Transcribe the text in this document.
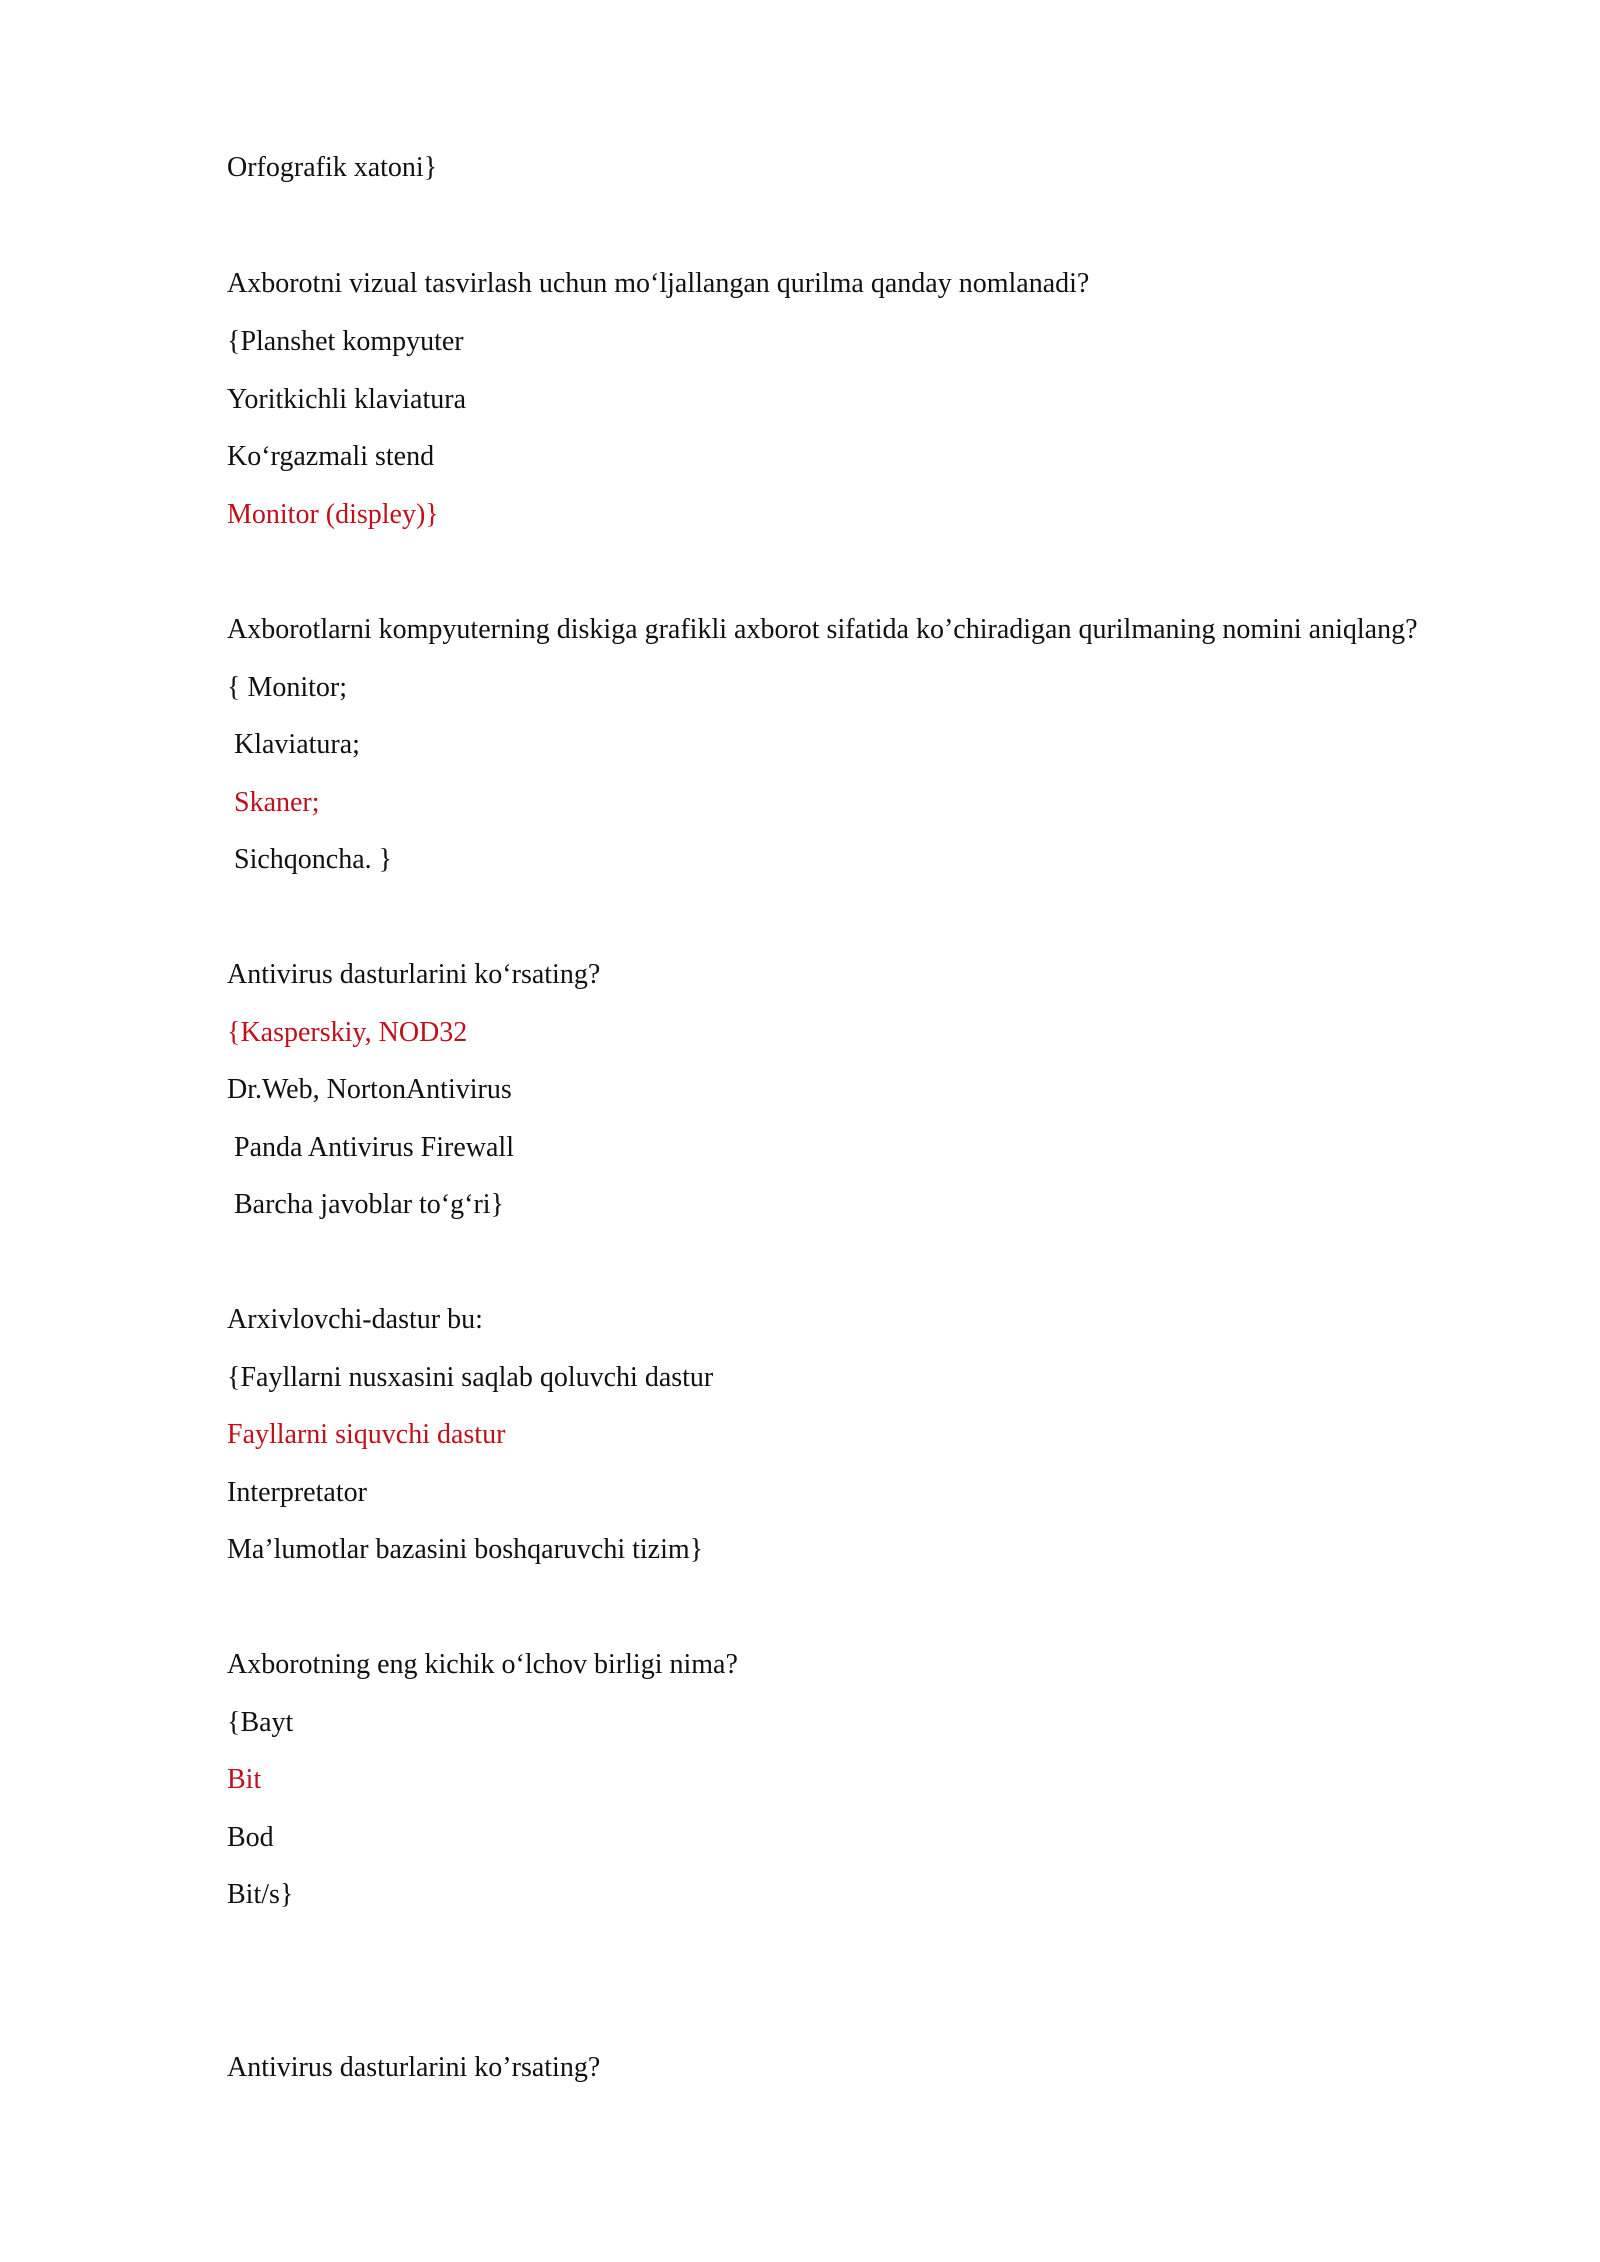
Orfografik xatoni}
Axborotni vizual tasvirlash uchun mo‘ljallangan qurilma qanday nomlanadi?
{Planshet kompyuter
Yoritkichli klaviatura
Ko‘rgazmali stend
Monitor (displey)}
Axborotlarni kompyuterning diskiga grafikli axborot sifatida ko’chiradigan qurilmaning nomini aniqlang?
{ Monitor;
Klaviatura;
Skaner;
Sichqoncha. }
Antivirus dasturlarini ko‘rsating?
{Kasperskiy, NOD32
Dr.Web, NortonAntivirus
Panda Antivirus Firewall
Barcha javoblar to‘g‘ri}
Arxivlovchi-dastur bu:
{Fayllarni nusxasini saqlab qoluvchi dastur
Fayllarni siquvchi dastur
Interpretator
Ma’lumotlar bazasini boshqaruvchi tizim}
Axborotning eng kichik o‘lchov birligi nima?
{Bayt
Bit
Bod
Bit/s}
Antivirus dasturlarini ko’rsating?
